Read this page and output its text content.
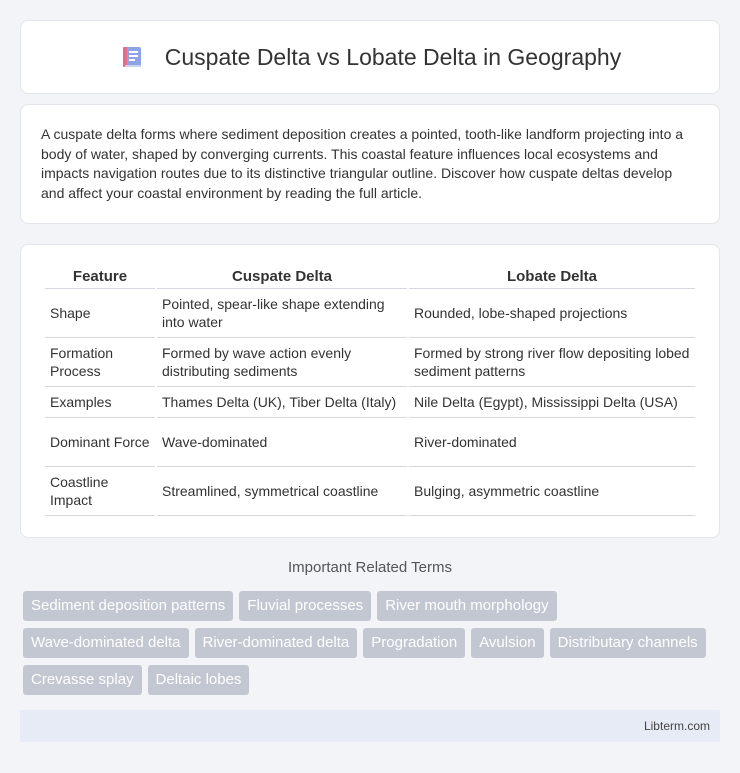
Cuspate Delta vs Lobate Delta in Geography

A cuspate delta forms where sediment deposition creates a pointed, tooth-like landform projecting into a body of water, shaped by converging currents. This coastal feature influences local ecosystems and impacts navigation routes due to its distinctive triangular outline. Discover how cuspate deltas develop and affect your coastal environment by reading the full article.

Feature	Cuspate Delta	Lobate Delta
Shape	Pointed, spear-like shape extending into water	Rounded, lobe-shaped projections
Formation Process	Formed by wave action evenly distributing sediments	Formed by strong river flow depositing lobed sediment patterns
Examples	Thames Delta (UK), Tiber Delta (Italy)	Nile Delta (Egypt), Mississippi Delta (USA)
Dominant Force	Wave-dominated	River-dominated
Coastline Impact	Streamlined, symmetrical coastline	Bulging, asymmetric coastline
Important Related Terms
Sediment deposition patterns	Fluvial processes	River mouth morphology
Wave-dominated delta	River-dominated delta	Progradation	Avulsion	Distributary channels
Crevasse splay	Deltaic lobes
Libterm.com
